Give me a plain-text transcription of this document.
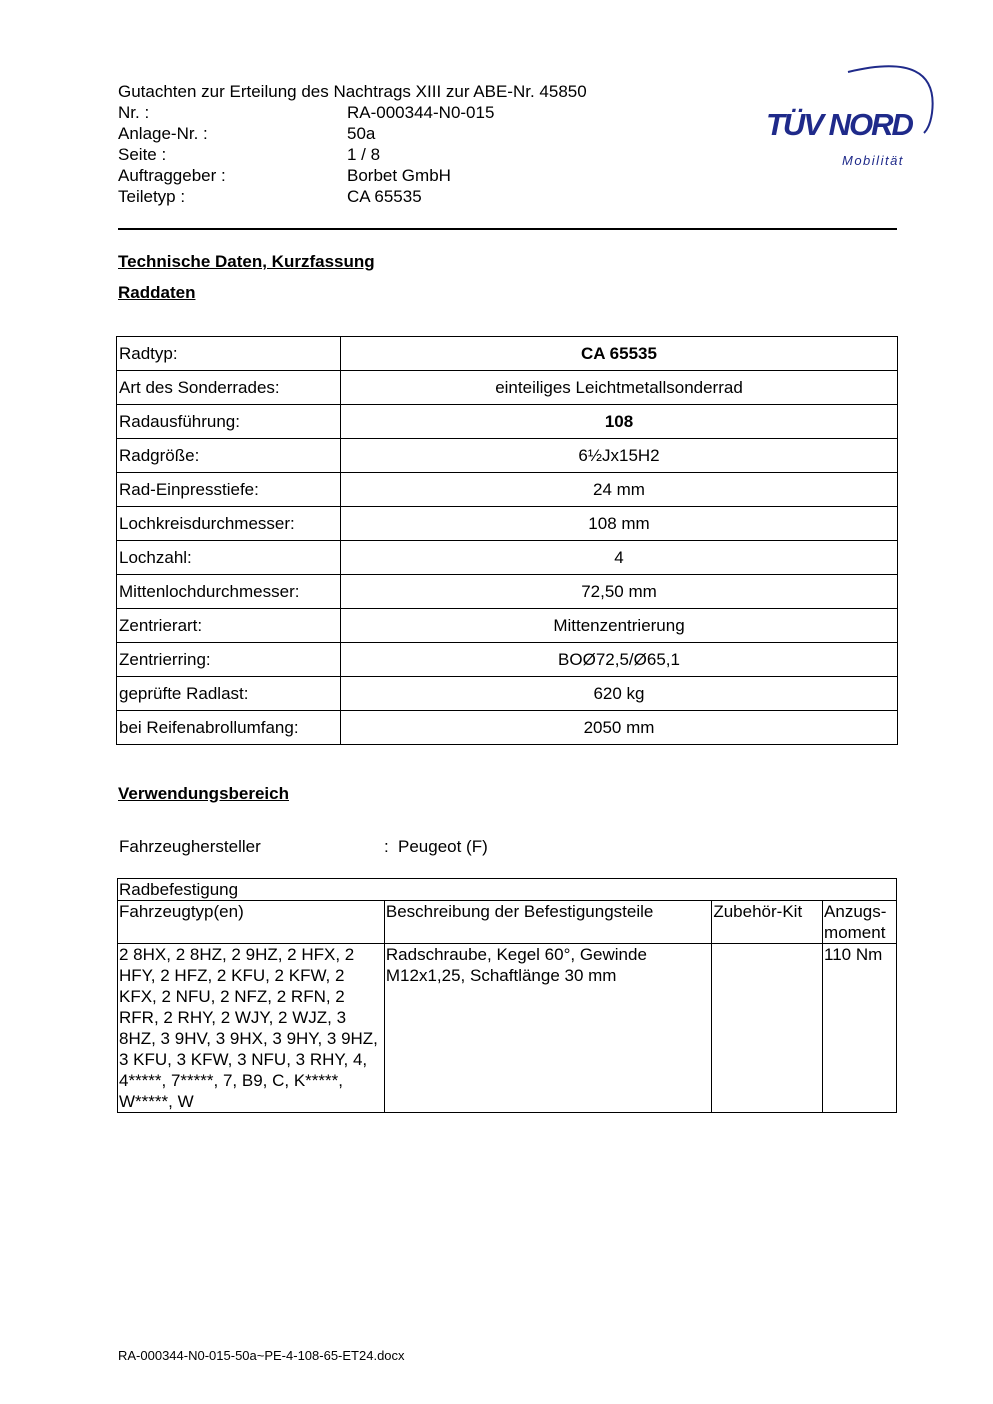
Gutachten zur Erteilung des Nachtrags XIII zur ABE-Nr. 45850
Nr. :	RA-000344-N0-015
Anlage-Nr. :	50a
Seite :	1 / 8
Auftraggeber :	Borbet GmbH
Teiletyp :	CA 65535
TÜV NORD
Mobilität
Technische Daten, Kurzfassung
Raddaten
Radtyp:	CA 65535
Art des Sonderrades:	einteiliges Leichtmetallsonderrad
Radausführung:	108
Radgröße:	6½Jx15H2
Rad-Einpresstiefe:	24 mm
Lochkreisdurchmesser:	108 mm
Lochzahl:	4
Mittenlochdurchmesser:	72,50 mm
Zentrierart:	Mittenzentrierung
Zentrierring:	BOØ72,5/Ø65,1
geprüfte Radlast:	620 kg
bei Reifenabrollumfang:	2050 mm
Verwendungsbereich
Fahrzeughersteller	: Peugeot (F)
Radbefestigung			
Fahrzeugtyp(en)	Beschreibung der Befestigungsteile	Zubehör-Kit	Anzugs-moment
2 8HX, 2 8HZ, 2 9HZ, 2 HFX, 2 HFY, 2 HFZ, 2 KFU, 2 KFW, 2 KFX, 2 NFU, 2 NFZ, 2 RFN, 2 RFR, 2 RHY, 2 WJY, 2 WJZ, 3 8HZ, 3 9HV, 3 9HX, 3 9HY, 3 9HZ, 3 KFU, 3 KFW, 3 NFU, 3 RHY, 4, 4*****, 7*****, 7, B9, C, K*****, W*****, W	Radschraube, Kegel 60°, Gewinde M12x1,25, Schaftlänge 30 mm		110 Nm
RA-000344-N0-015-50a~PE-4-108-65-ET24.docx
